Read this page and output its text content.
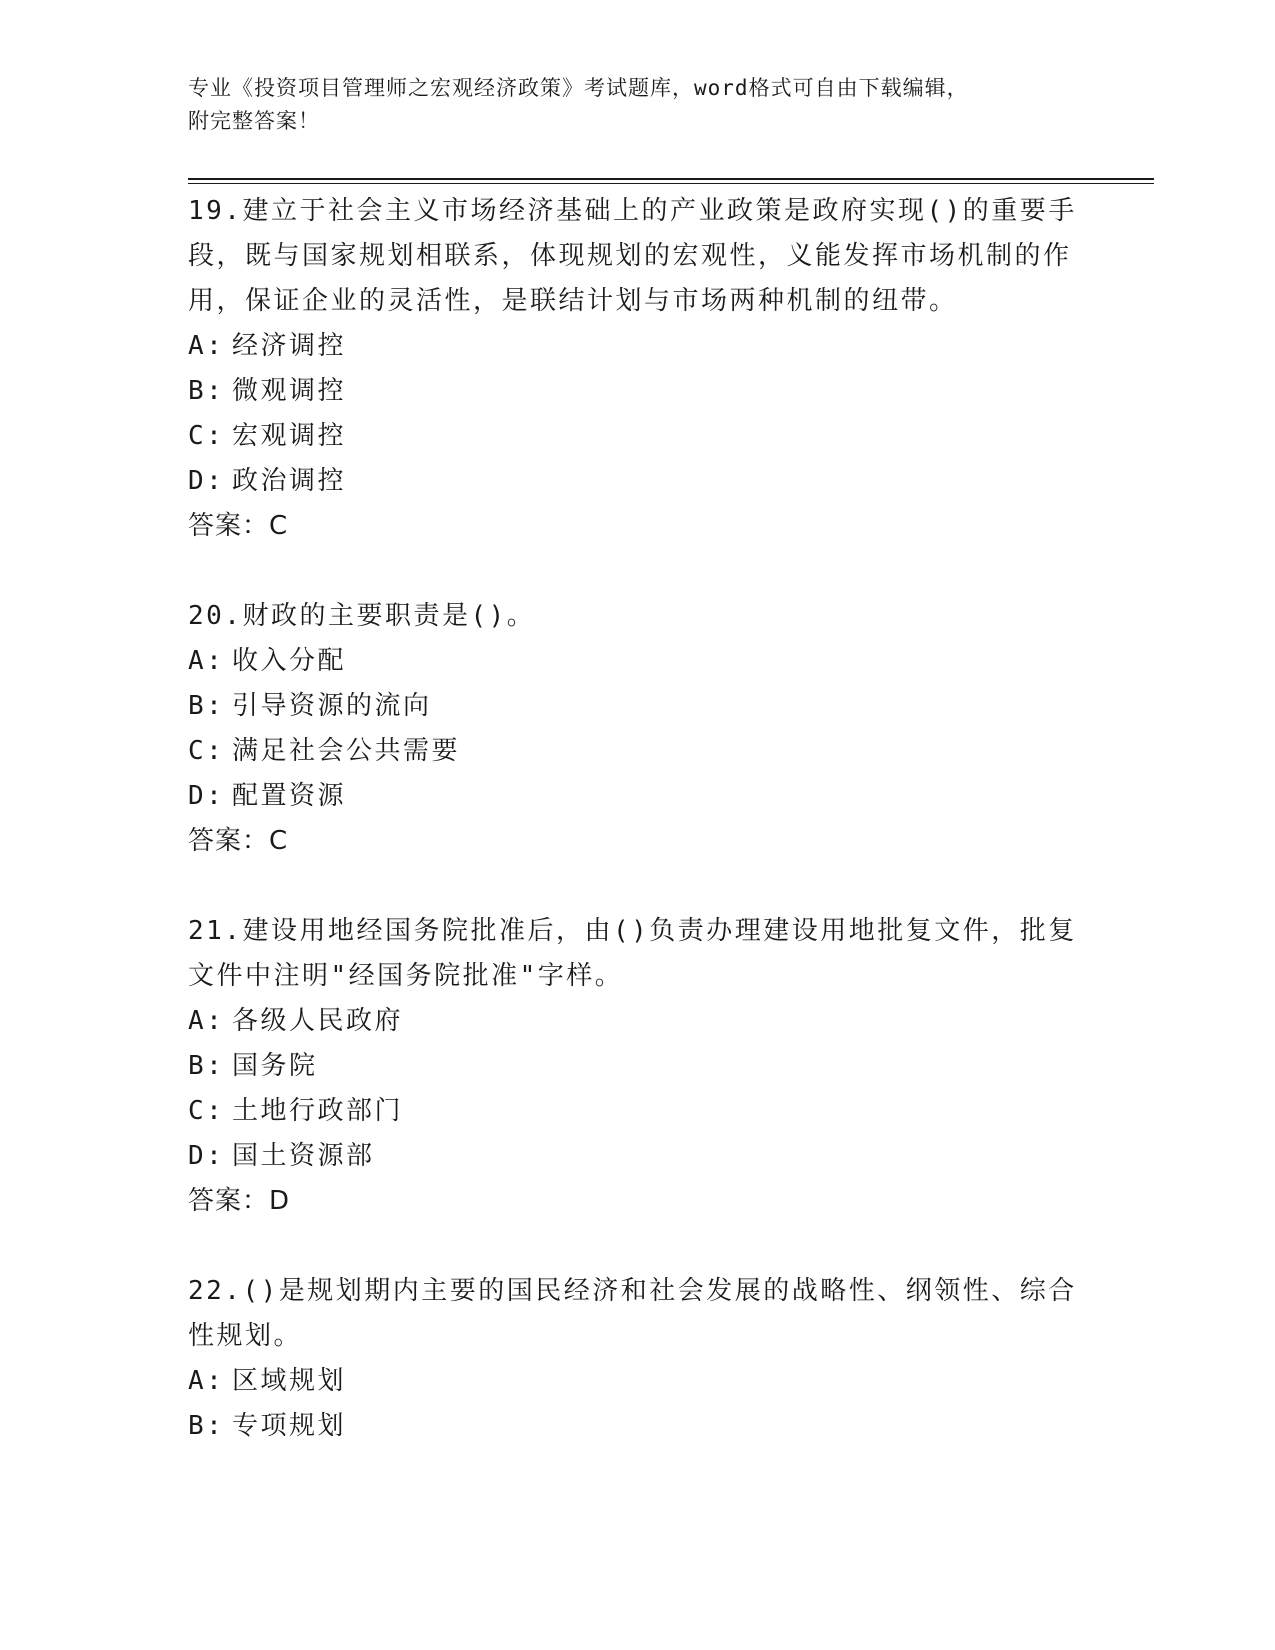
专业《投资项目管理师之宏观经济政策》考试题库，word格式可自由下载编辑，
附完整答案！

19.建立于社会主义市场经济基础上的产业政策是政府实现()的重要手段，既与国家规划相联系，体现规划的宏观性，义能发挥市场机制的作用，保证企业的灵活性，是联结计划与市场两种机制的纽带。

A: 经济调控

B: 微观调控

C: 宏观调控

D: 政治调控

答案：C

20.财政的主要职责是()。

A: 收入分配

B: 引导资源的流向

C: 满足社会公共需要

D: 配置资源

答案：C

21.建设用地经国务院批准后，由()负责办理建设用地批复文件，批复文件中注明"经国务院批准"字样。

A: 各级人民政府

B: 国务院

C: 土地行政部门

D: 国土资源部

答案：D

22.()是规划期内主要的国民经济和社会发展的战略性、纲领性、综合性规划。

A: 区域规划

B: 专项规划
